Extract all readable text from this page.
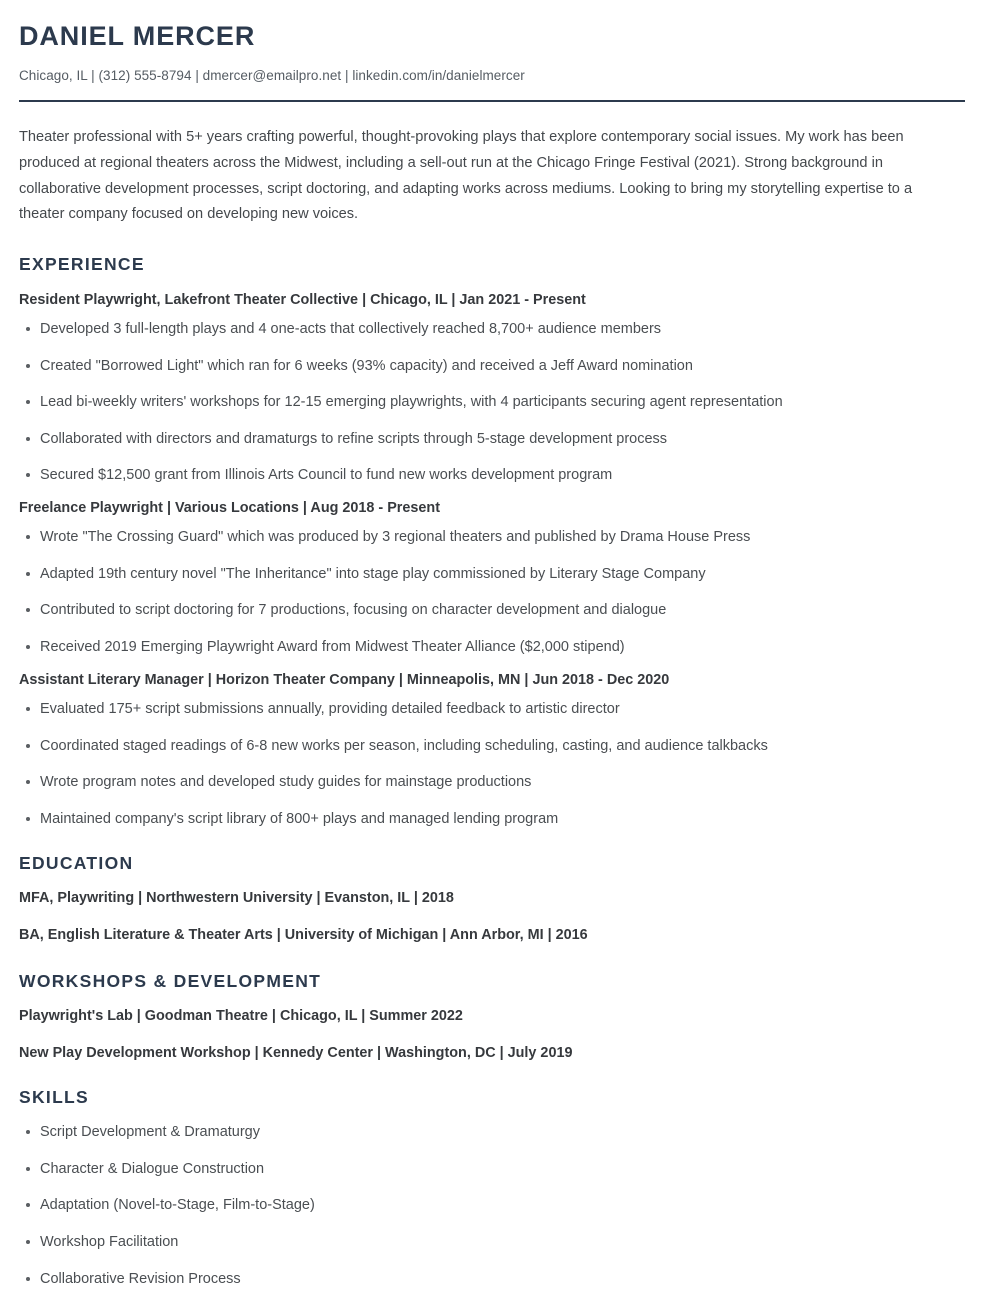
DANIEL MERCER
Chicago, IL | (312) 555-8794 | dmercer@emailpro.net | linkedin.com/in/danielmercer

Theater professional with 5+ years crafting powerful, thought-provoking plays that explore contemporary social issues. My work has been produced at regional theaters across the Midwest, including a sell-out run at the Chicago Fringe Festival (2021). Strong background in collaborative development processes, script doctoring, and adapting works across mediums. Looking to bring my storytelling expertise to a theater company focused on developing new voices.

EXPERIENCE
Resident Playwright, Lakefront Theater Collective | Chicago, IL | Jan 2021 - Present
Developed 3 full-length plays and 4 one-acts that collectively reached 8,700+ audience members
Created "Borrowed Light" which ran for 6 weeks (93% capacity) and received a Jeff Award nomination
Lead bi-weekly writers' workshops for 12-15 emerging playwrights, with 4 participants securing agent representation
Collaborated with directors and dramaturgs to refine scripts through 5-stage development process
Secured $12,500 grant from Illinois Arts Council to fund new works development program
Freelance Playwright | Various Locations | Aug 2018 - Present
Wrote "The Crossing Guard" which was produced by 3 regional theaters and published by Drama House Press
Adapted 19th century novel "The Inheritance" into stage play commissioned by Literary Stage Company
Contributed to script doctoring for 7 productions, focusing on character development and dialogue
Received 2019 Emerging Playwright Award from Midwest Theater Alliance ($2,000 stipend)
Assistant Literary Manager | Horizon Theater Company | Minneapolis, MN | Jun 2018 - Dec 2020
Evaluated 175+ script submissions annually, providing detailed feedback to artistic director
Coordinated staged readings of 6-8 new works per season, including scheduling, casting, and audience talkbacks
Wrote program notes and developed study guides for mainstage productions
Maintained company's script library of 800+ plays and managed lending program
EDUCATION
MFA, Playwriting | Northwestern University | Evanston, IL | 2018
BA, English Literature & Theater Arts | University of Michigan | Ann Arbor, MI | 2016
WORKSHOPS & DEVELOPMENT
Playwright's Lab | Goodman Theatre | Chicago, IL | Summer 2022
New Play Development Workshop | Kennedy Center | Washington, DC | July 2019
SKILLS
Script Development & Dramaturgy
Character & Dialogue Construction
Adaptation (Novel-to-Stage, Film-to-Stage)
Workshop Facilitation
Collaborative Revision Process
